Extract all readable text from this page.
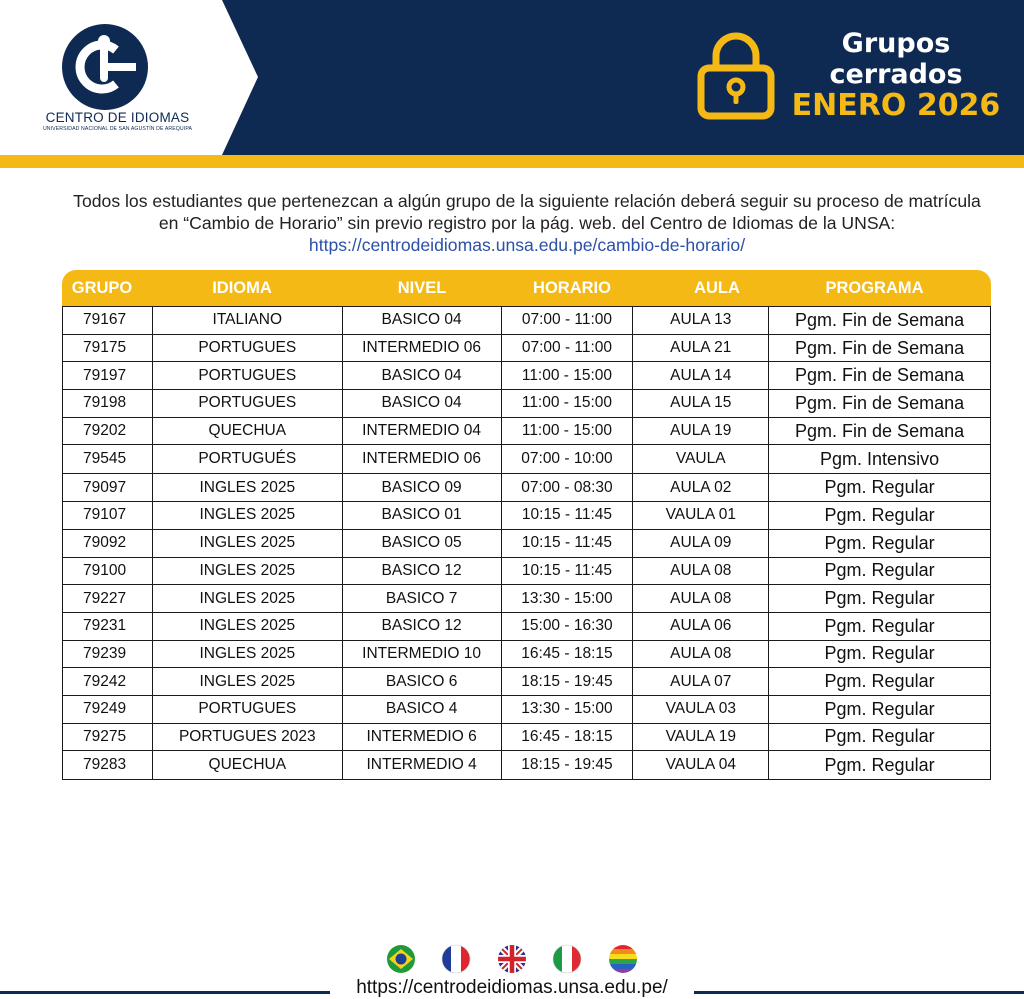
CENTRO DE IDIOMAS
UNIVERSIDAD NACIONAL DE SAN AGUSTÍN DE AREQUIPA
Grupos
cerrados
ENERO 2026

Todos los estudiantes que pertenezcan a algún grupo de la siguiente relación deberá seguir su proceso de matrícula en “Cambio de Horario” sin previo registro por la pág. web. del Centro de Idiomas de la UNSA: https://centrodeidiomas.unsa.edu.pe/cambio-de-horario/

GRUPO	IDIOMA	NIVEL	HORARIO	AULA	PROGRAMA
79167	ITALIANO	BASICO 04	07:00 - 11:00	AULA 13	Pgm. Fin de Semana
79175	PORTUGUES	INTERMEDIO 06	07:00 - 11:00	AULA 21	Pgm. Fin de Semana
79197	PORTUGUES	BASICO 04	11:00 - 15:00	AULA 14	Pgm. Fin de Semana
79198	PORTUGUES	BASICO 04	11:00 - 15:00	AULA 15	Pgm. Fin de Semana
79202	QUECHUA	INTERMEDIO 04	11:00 - 15:00	AULA 19	Pgm. Fin de Semana
79545	PORTUGUÉS	INTERMEDIO 06	07:00 - 10:00	VAULA	Pgm. Intensivo
79097	INGLES 2025	BASICO 09	07:00 - 08:30	AULA 02	Pgm. Regular
79107	INGLES 2025	BASICO 01	10:15 - 11:45	VAULA 01	Pgm. Regular
79092	INGLES 2025	BASICO 05	10:15 - 11:45	AULA 09	Pgm. Regular
79100	INGLES 2025	BASICO 12	10:15 - 11:45	AULA 08	Pgm. Regular
79227	INGLES 2025	BASICO 7	13:30 - 15:00	AULA 08	Pgm. Regular
79231	INGLES 2025	BASICO 12	15:00 - 16:30	AULA 06	Pgm. Regular
79239	INGLES 2025	INTERMEDIO 10	16:45 - 18:15	AULA 08	Pgm. Regular
79242	INGLES 2025	BASICO 6	18:15 - 19:45	AULA 07	Pgm. Regular
79249	PORTUGUES	BASICO 4	13:30 - 15:00	VAULA 03	Pgm. Regular
79275	PORTUGUES 2023	INTERMEDIO 6	16:45 - 18:15	VAULA 19	Pgm. Regular
79283	QUECHUA	INTERMEDIO 4	18:15 - 19:45	VAULA 04	Pgm. Regular
https://centrodeidiomas.unsa.edu.pe/
